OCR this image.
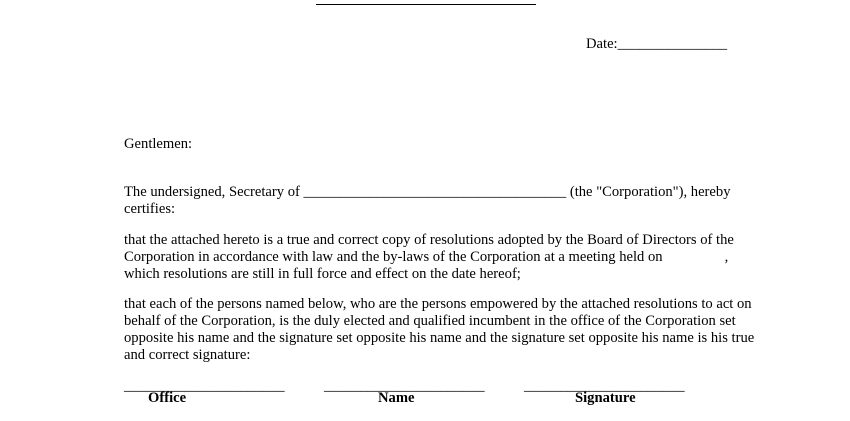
Date:_______________
Gentlemen:
The undersigned, Secretary of ____________________________________ (the "Corporation"), hereby
certifies:
that the attached hereto is a true and correct copy of resolutions adopted by the Board of Directors of the
Corporation in accordance with law and the by-laws of the Corporation at a meeting held on                 ,
which resolutions are still in full force and effect on the date hereof;
that each of the persons named below, who are the persons empowered by the attached resolutions to act on
behalf of the Corporation, is the duly elected and qualified incumbent in the office of the Corporation set
opposite his name and the signature set opposite his name and the signature set opposite his name is his true
and correct signature:
______________________	______________________	______________________
Office	Name	Signature
